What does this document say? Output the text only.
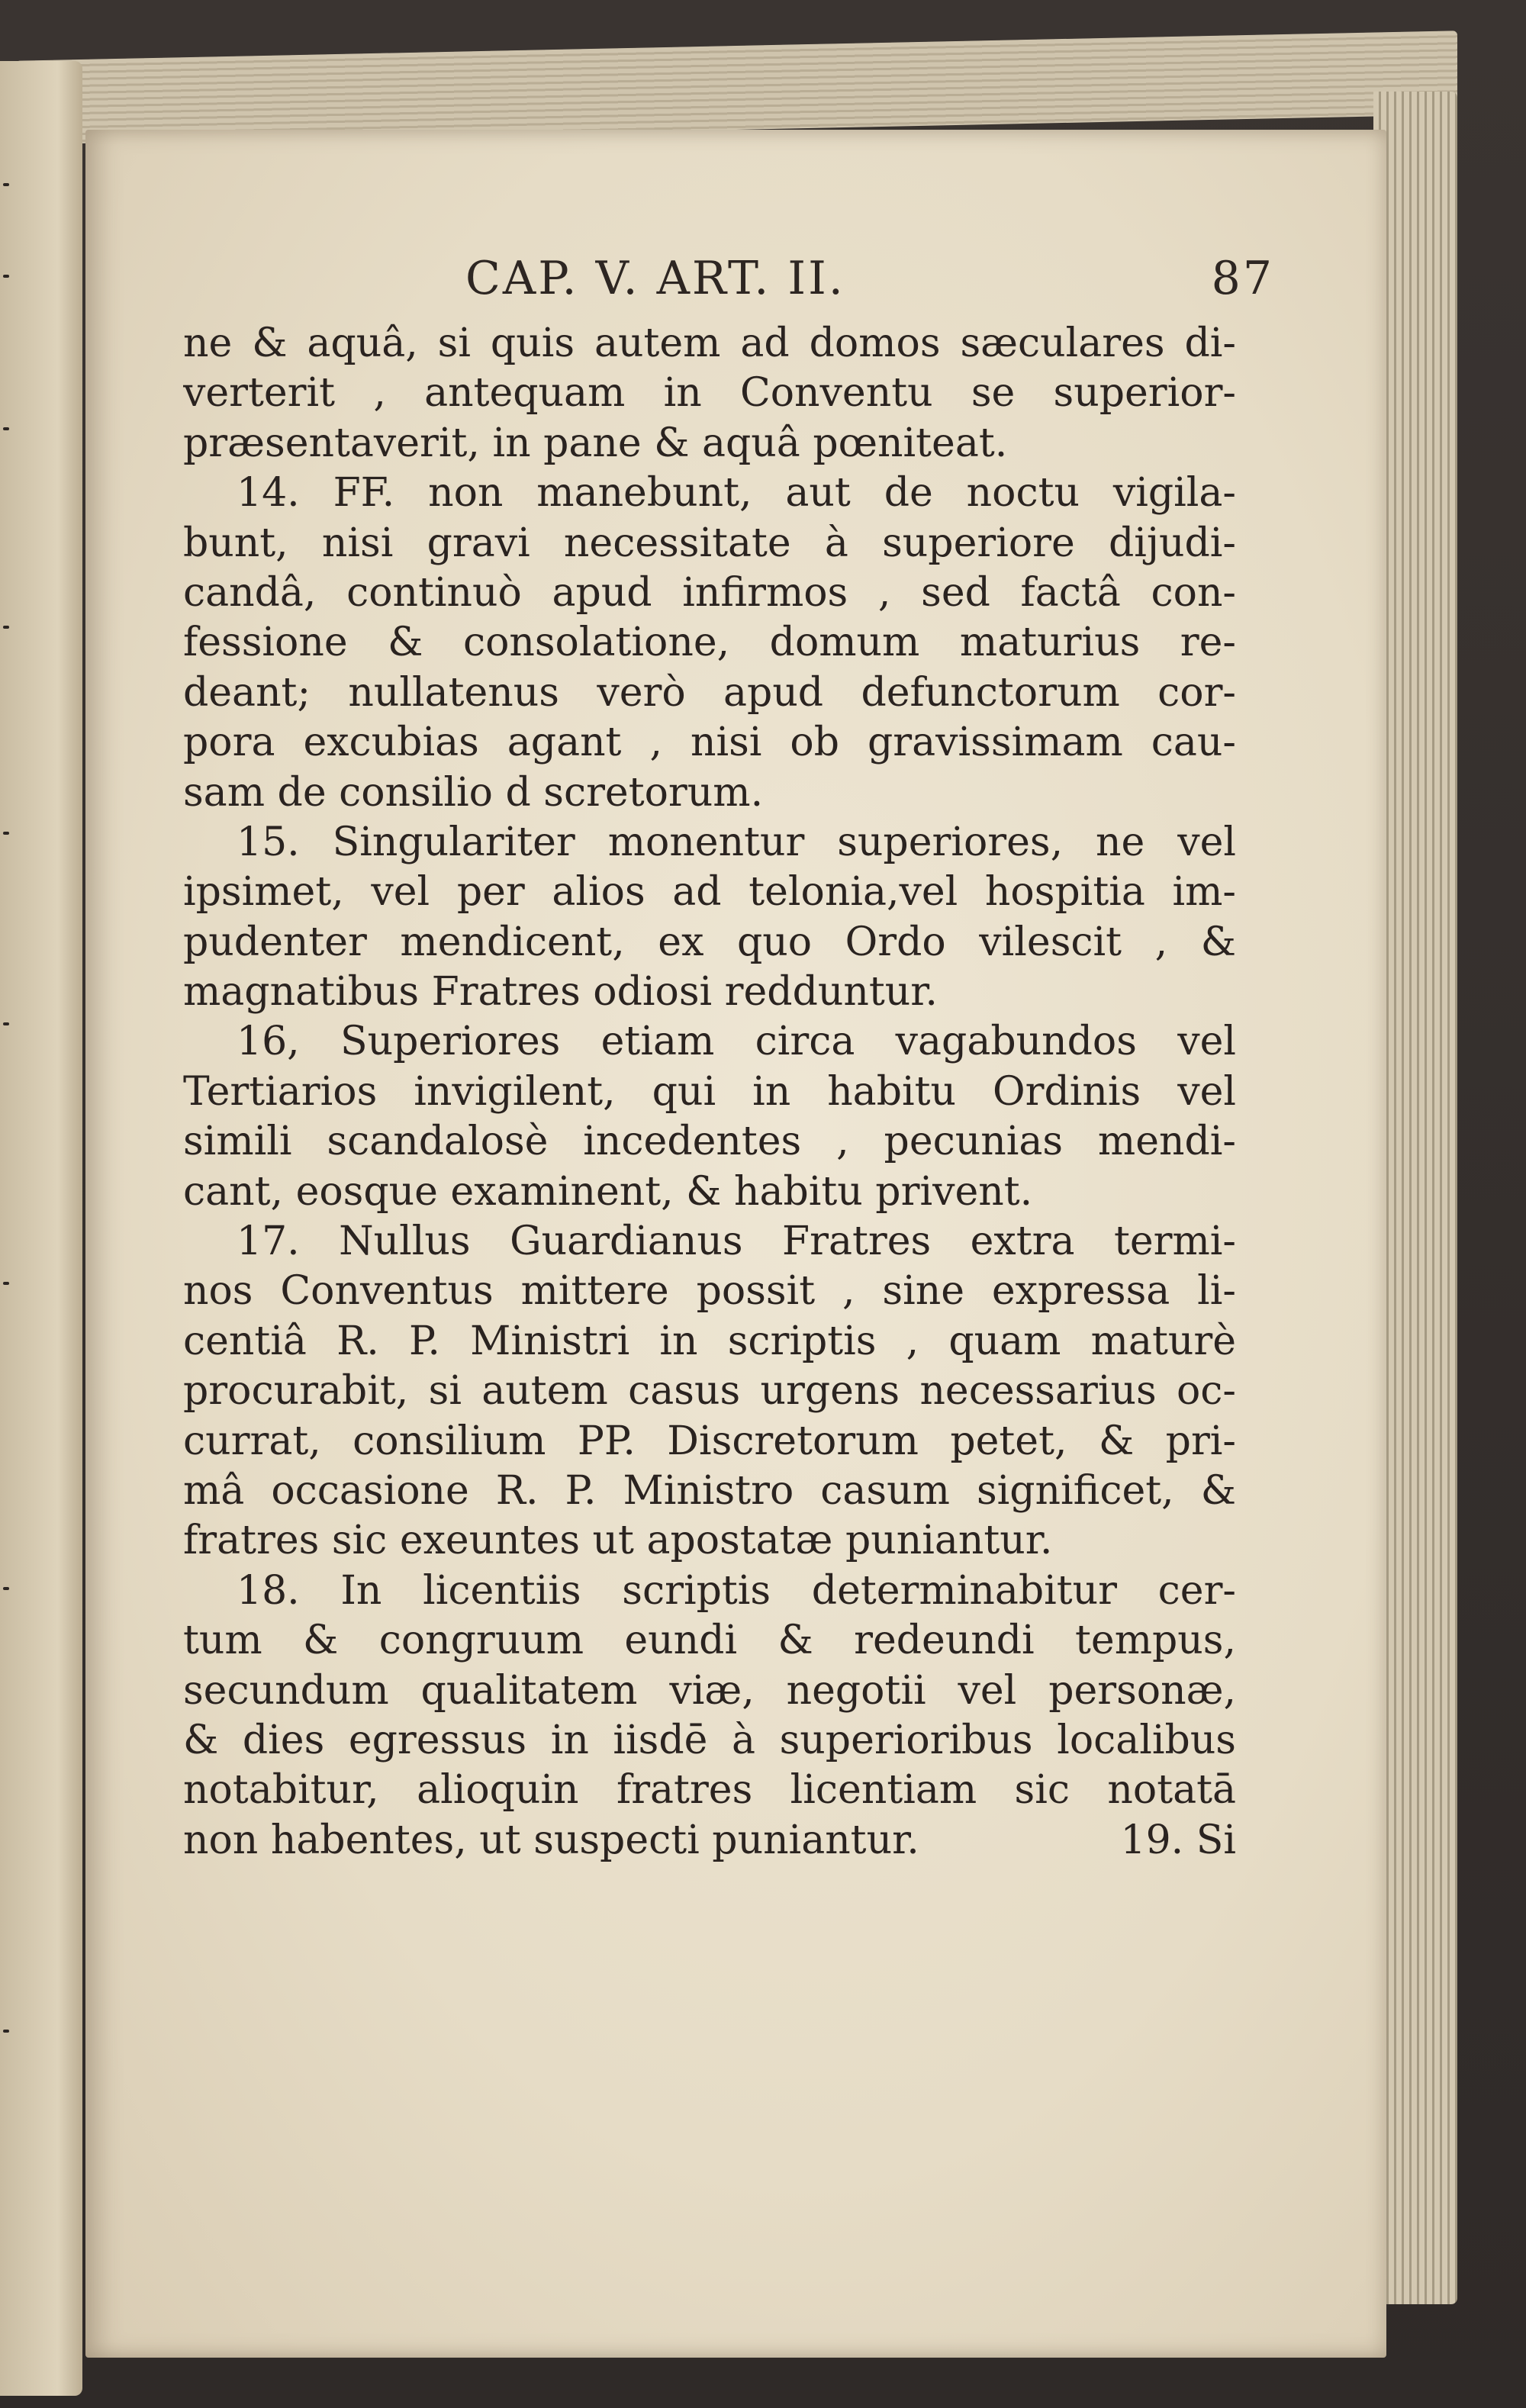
CAP. V. ART. II.	87
ne & aquâ, si quis autem ad domos sæculares di-
verterit , antequam in Conventu se superior-
præsentaverit, in pane & aquâ pœniteat.
14. FF. non manebunt, aut de noctu vigila-
bunt, nisi gravi necessitate à superiore dijudi-
candâ, continuò apud infirmos , sed factâ con-
fessione & consolatione, domum maturius re-
deant; nullatenus verò apud defunctorum cor-
pora excubias agant , nisi ob gravissimam cau-
sam de consilio d scretorum.
15. Singulariter monentur superiores, ne vel
ipsimet, vel per alios ad telonia,vel hospitia im-
pudenter mendicent, ex quo Ordo vilescit , &
magnatibus Fratres odiosi redduntur.
16, Superiores etiam circa vagabundos vel
Tertiarios invigilent, qui in habitu Ordinis vel
simili scandalosè incedentes , pecunias mendi-
cant, eosque examinent, & habitu privent.
17. Nullus Guardianus Fratres extra termi-
nos Conventus mittere possit , sine expressa li-
centiâ R. P. Ministri in scriptis , quam maturè
procurabit, si autem casus urgens necessarius oc-
currat, consilium PP. Discretorum petet, & pri-
mâ occasione R. P. Ministro casum significet, &
fratres sic exeuntes ut apostatæ puniantur.
18. In licentiis scriptis determinabitur cer-
tum & congruum eundi & redeundi tempus,
secundum qualitatem viæ, negotii vel personæ,
& dies egressus in iisdē à superioribus localibus
notabitur, alioquin fratres licentiam sic notatā
non habentes, ut suspecti puniantur.	19. Si
